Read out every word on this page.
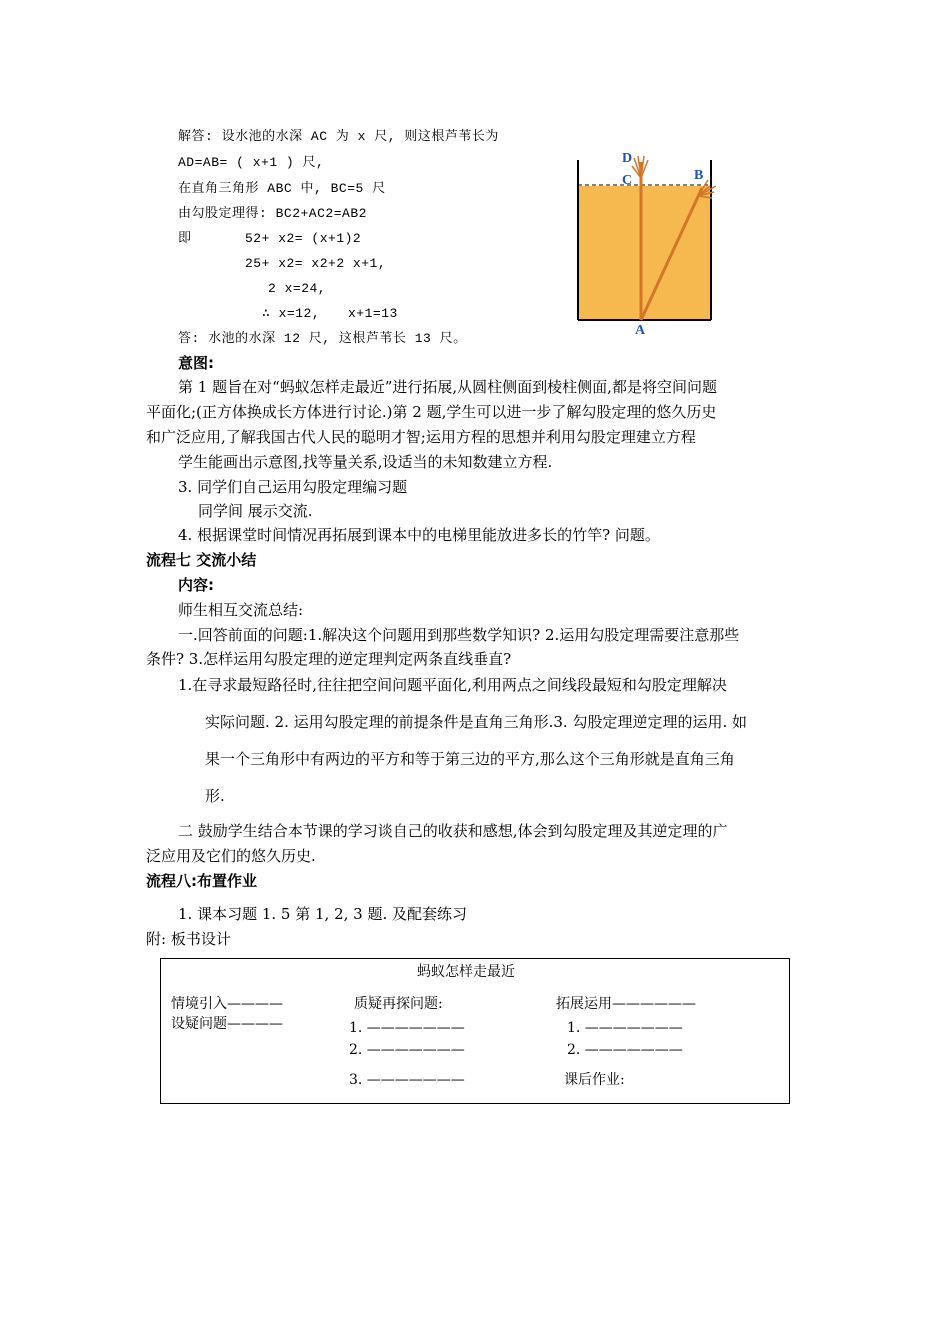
解答: 设水池的水深 AC 为 x 尺, 则这根芦苇长为
AD=AB= ( x+1 ) 尺,
在直角三角形 ABC 中, BC=5 尺
由勾股定理得: BC2+AC2=AB2
即	52+ x2= (x+1)2
25+ x2= x2+2 x+1,
2 x=24,
∴ x=12, x+1=13
答: 水池的水深 12 尺, 这根芦苇长 13 尺。
D
C	B
A
意图:
第 1 题旨在对“蚂蚁怎样走最近”进行拓展,从圆柱侧面到棱柱侧面,都是将空间问题
平面化;(正方体换成长方体进行讨论.)第 2 题,学生可以进一步了解勾股定理的悠久历史
和广泛应用,了解我国古代人民的聪明才智;运用方程的思想并利用勾股定理建立方程
学生能画出示意图,找等量关系,设适当的未知数建立方程.
3. 同学们自己运用勾股定理编习题
同学间 展示交流.
4. 根据课堂时间情况再拓展到课本中的电梯里能放进多长的竹竿? 问题。
流程七 交流小结
内容:
师生相互交流总结:
一.回答前面的问题:1.解决这个问题用到那些数学知识? 2.运用勾股定理需要注意那些
条件? 3.怎样运用勾股定理的逆定理判定两条直线垂直?
1.在寻求最短路径时,往往把空间问题平面化,利用两点之间线段最短和勾股定理解决
实际问题. 2. 运用勾股定理的前提条件是直角三角形.3. 勾股定理逆定理的运用. 如
果一个三角形中有两边的平方和等于第三边的平方,那么这个三角形就是直角三角
形.
二 鼓励学生结合本节课的学习谈自己的收获和感想,体会到勾股定理及其逆定理的广
泛应用及它们的悠久历史.
流程八:布置作业
1. 课本习题 1. 5 第 1, 2, 3 题. 及配套练习
附: 板书设计
蚂蚁怎样走最近
情境引入————
设疑问题————
质疑再探问题:
1. ———————
2. ———————
3. ———————
拓展运用——————
1. ———————
2. ———————
课后作业:
